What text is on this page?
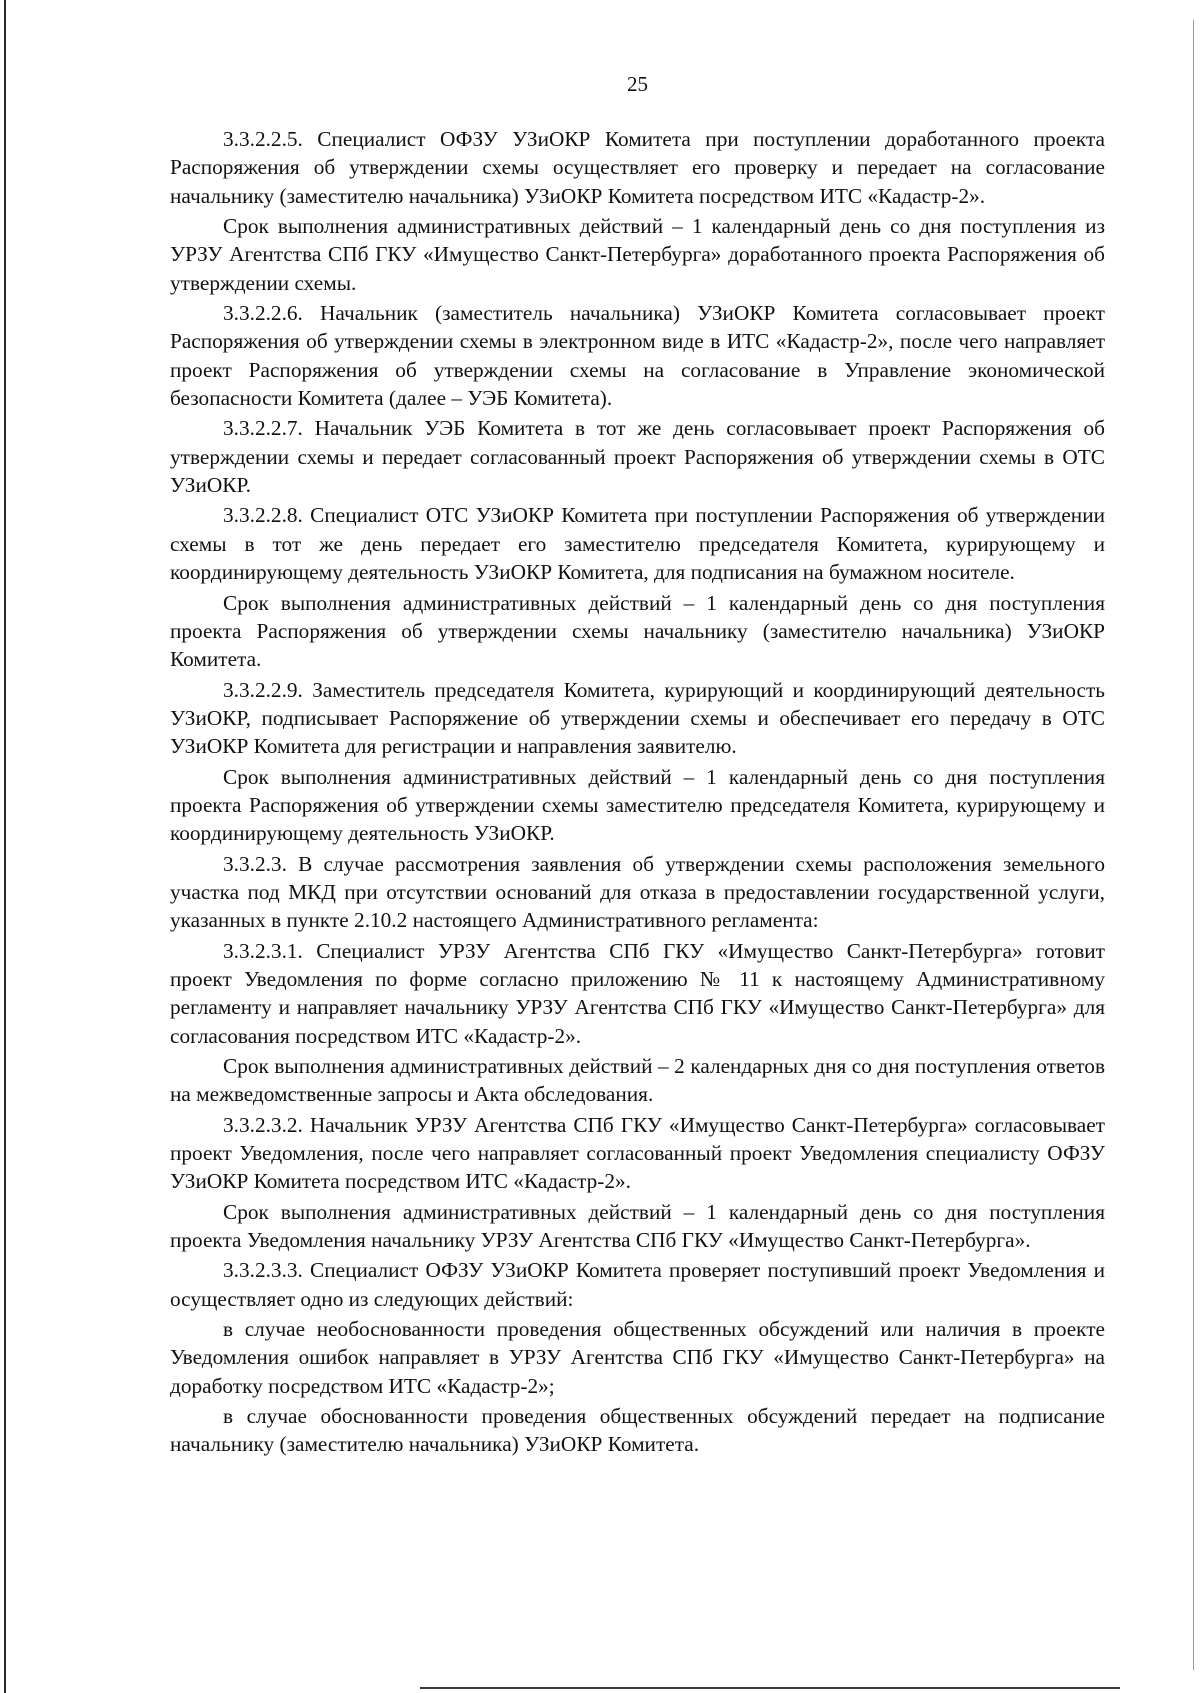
25

3.3.2.2.5. Специалист ОФЗУ УЗиОКР Комитета при поступлении доработанного проекта Распоряжения об утверждении схемы осуществляет его проверку и передает на согласование начальнику (заместителю начальника) УЗиОКР Комитета посредством ИТС «Кадастр-2».

Срок выполнения административных действий – 1 календарный день со дня поступления из УРЗУ Агентства СПб ГКУ «Имущество Санкт-Петербурга» доработанного проекта Распоряжения об утверждении схемы.

3.3.2.2.6. Начальник (заместитель начальника) УЗиОКР Комитета согласовывает проект Распоряжения об утверждении схемы в электронном виде в ИТС «Кадастр-2», после чего направляет проект Распоряжения об утверждении схемы на согласование в Управление экономической безопасности Комитета (далее – УЭБ Комитета).

3.3.2.2.7. Начальник УЭБ Комитета в тот же день согласовывает проект Распоряжения об утверждении схемы и передает согласованный проект Распоряжения об утверждении схемы в ОТС УЗиОКР.

3.3.2.2.8. Специалист ОТС УЗиОКР Комитета при поступлении Распоряжения об утверждении схемы в тот же день передает его заместителю председателя Комитета, курирующему и координирующему деятельность УЗиОКР Комитета, для подписания на бумажном носителе.

Срок выполнения административных действий – 1 календарный день со дня поступления проекта Распоряжения об утверждении схемы начальнику (заместителю начальника) УЗиОКР Комитета.

3.3.2.2.9. Заместитель председателя Комитета, курирующий и координирующий деятельность УЗиОКР, подписывает Распоряжение об утверждении схемы и обеспечивает его передачу в ОТС УЗиОКР Комитета для регистрации и направления заявителю.

Срок выполнения административных действий – 1 календарный день со дня поступления проекта Распоряжения об утверждении схемы заместителю председателя Комитета, курирующему и координирующему деятельность УЗиОКР.

3.3.2.3. В случае рассмотрения заявления об утверждении схемы расположения земельного участка под МКД при отсутствии оснований для отказа в предоставлении государственной услуги, указанных в пункте 2.10.2 настоящего Административного регламента:

3.3.2.3.1. Специалист УРЗУ Агентства СПб ГКУ «Имущество Санкт-Петербурга» готовит проект Уведомления по форме согласно приложению № 11 к настоящему Административному регламенту и направляет начальнику УРЗУ Агентства СПб ГКУ «Имущество Санкт-Петербурга» для согласования посредством ИТС «Кадастр-2».

Срок выполнения административных действий – 2 календарных дня со дня поступления ответов на межведомственные запросы и Акта обследования.

3.3.2.3.2. Начальник УРЗУ Агентства СПб ГКУ «Имущество Санкт-Петербурга» согласовывает проект Уведомления, после чего направляет согласованный проект Уведомления специалисту ОФЗУ УЗиОКР Комитета посредством ИТС «Кадастр-2».

Срок выполнения административных действий – 1 календарный день со дня поступления проекта Уведомления начальнику УРЗУ Агентства СПб ГКУ «Имущество Санкт-Петербурга».

3.3.2.3.3. Специалист ОФЗУ УЗиОКР Комитета проверяет поступивший проект Уведомления и осуществляет одно из следующих действий:

в случае необоснованности проведения общественных обсуждений или наличия в проекте Уведомления ошибок направляет в УРЗУ Агентства СПб ГКУ «Имущество Санкт-Петербурга» на доработку посредством ИТС «Кадастр-2»;

в случае обоснованности проведения общественных обсуждений передает на подписание начальнику (заместителю начальника) УЗиОКР Комитета.
